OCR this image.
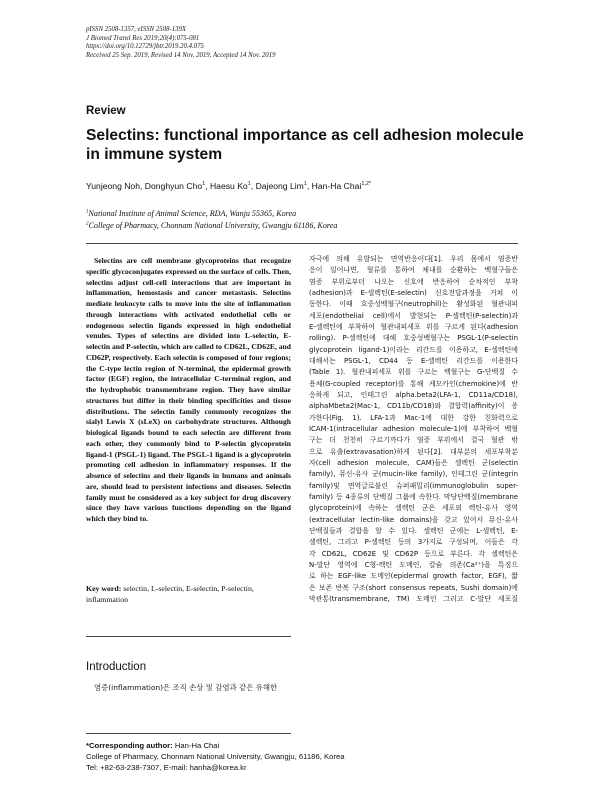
pISSN 2508-1357, eISSN 2508-139X
J Biomed Transl Res 2019;20(4):075-081
https://doi.org/10.12729/jbtr.2019.20.4.075
Received 25 Sep. 2019, Revised 14 Nov. 2019, Accepted 14 Nov. 2019
Review
Selectins: functional importance as cell adhesion molecule in immune system
Yunjeong Noh, Donghyun Cho$^1$, Haesu Ko$^1$, Dajeong Lim$^1$, Han-Ha Chai$^{1,2*}$
$^1$National Institute of Animal Science, RDA, Wanju 55365, Korea
$^2$College of Pharmacy, Chonnam National University, Gwangju 61186, Korea
Selectins are cell membrane glycoproteins that recognize specific glycoconjugates expressed on the surface of cells. Then, selectins adjust cell-cell interactions that are important in inflammation, hemostasis and cancer metastasis. Selectins mediate leukocyte calls to move into the site of inflammation through interactions with activated endothelial cells or endogenous selectin ligands expressed in high endothelial venules. Types of selectins are divided into L-selectin, E-selectin and P-selectin, which are called to CD62L, CD62E, and CD62P, respectively. Each selectin is composed of four regions; the C-type lectin region of N-terminal, the epidermal growth factor (EGF) region, the intracellular C-terminal region, and the hydrophobic transmembrane region. They have similar structures but differ in their binding specificities and tissue distributions. The selectin family commonly recognizes the sialyl Lewis X (sLeX) on carbohydrate structures. Although biological ligands bound to each selectin are different from each other, they commonly bind to P-selectin glycoprotein ligand-1 (PSGL-1) ligand. The PSGL-1 ligand is a glycoprotein promoting cell adhesion in inflammatory responses. If the absence of selectins and their ligands in humans and animals are, should lead to persistent infections and diseases. Selectin family must be considered as a key subject for drug discovery since they have various functions depending on the ligand which they bind to.
Key word: selectin, L-selectin, E-selectin, P-selectin, inflammation
Introduction
염증(inflammation)은 조직 손상 및 감염과 같은 유해한
자극에 의해 유발되는 면역반응이다[1]. 우리 몸에서 염증반
응이 일어나면, 혈류를 통하여 체내를 순환하는 백혈구들은
염증 부위로부터 나오는 신호에 반응하여 순차적인 부착
(adhesion)과 E-셀렉틴(E-selectin) 신호전달과정을 거쳐 이
동한다. 이때 호중성백혈구(neutrophil)는 활성화된 혈관내피
세포(endothelial cell)에서 발현되는 P-셀렉틴(P-selectin)과
E-셀렉틴에 부착하여 혈관내피세포 위를 구르게 된다(adhesion
rolling). P-셀렉틴에 대해 호중성백혈구는 PSGL-1(P-selectin
glycoprotein ligand-1)이라는 리간드를 이용하고, E-셀렉틴에
대해서는 PSGL-1, CD44 등 E-셀렉틴 리간드를 이용한다
(Table 1). 혈관내피세포 위를 구르는 백혈구는 G-단백질 수
용체(G-coupled receptor)를 통해 케모카인(chemokine)에 반
응하게 되고, 인테그린 alpha.beta2(LFA-1, CD11a/CD18),
alphaMbeta2(Mac-1, CD11b/CD18)와 결합력(affinity)이 증
가한다(Fig. 1). LFA-1과 Mac-1에 대한 강한 친화력으로
ICAM-1(intracellular adhesion molecule-1)에 부착하여 백혈
구는 더 천천히 구르기까다가 염증 부위에서 결국 혈관 밖
으로 유출(extravasation)하게 된다[2]. 대부분의 세포부착분
자(cell adhesion molecule, CAM)들은 셀렉틴 군(selectin
family), 뮤신-유사 군(mucin-like family), 인테그린 군(integrin
family)및 면역글로불린 슈퍼패밀리(immunoglobulin super-
family) 등 4종류의 단백질 그룹에 속한다. 막당단백질(membrane
glycoprotein)에 속하는 셀렉틴 군은 세포외 렉틴-유사 영역
(extracellular lectin-like domains)을 갖고 있어서 뮤신-유사
단백질들과 결합을 할 수 있다. 셀렉틴 군에는 L-셀렉틴, E-
셀렉틴, 그리고 P-셀렉틴 등의 3가지로 구성되며, 이들은 각
각 CD62L, CD62E 및 CD62P 등으로 부른다. 각 셀렉틴은
N-말단 영역에 C형-렉틴 도메인, 칼슘 의존(Ca²⁺)을 특징으
로 하는 EGF-like 도메인(epidermal growth factor, EGF), 짧
은 보존 반복 구조(short consensus repeats, Sushi domain)에
막관통(transmembrane, TM) 도메인 그리고 C-말단 세포질
*Corresponding author: Han-Ha Chai
College of Pharmacy, Chonnam National University, Gwangju, 61186, Korea
Tel: +82-63-238-7307, E-mail: hanha@korea.kr
